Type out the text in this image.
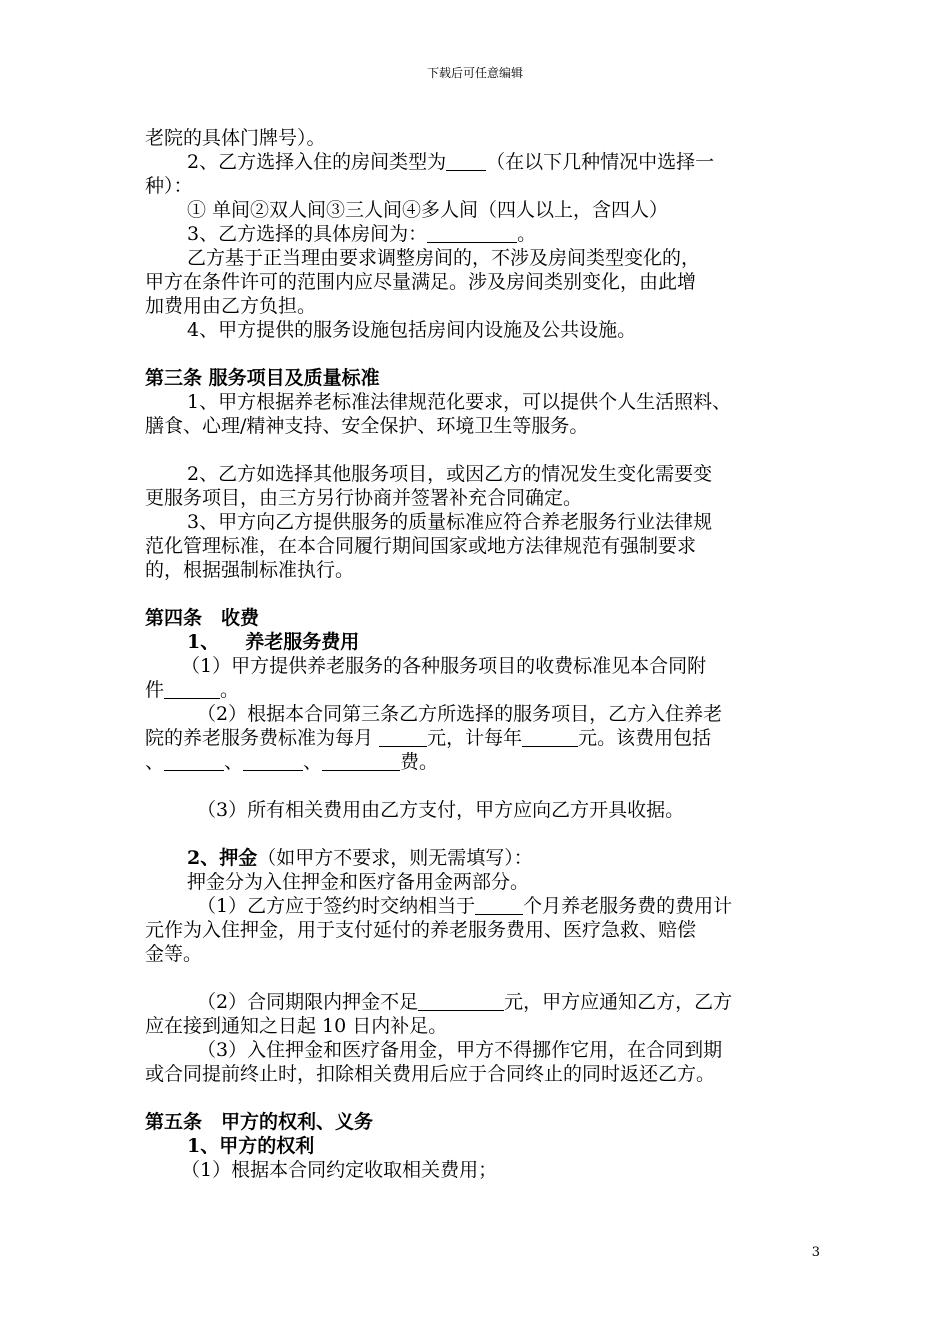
下载后可任意编辑

老院的具体门牌号）。

2、乙方选择入住的房间类型为 （在以下几种情况中选择一

种）：

① 单间②双人间③三人间④多人间（四人以上，含四人）

3、乙方选择的具体房间为：	。

乙方基于正当理由要求调整房间的，不涉及房间类型变化的，

甲方在条件许可的范围内应尽量满足。涉及房间类别变化，由此增

加费用由乙方负担。

4、甲方提供的服务设施包括房间内设施及公共设施。

第三条 服务项目及质量标准

1、甲方根据养老标准法律规范化要求，可以提供个人生活照料、

膳食、心理/精神支持、安全保护、环境卫生等服务。

2、乙方如选择其他服务项目，或因乙方的情况发生变化需要变

更服务项目，由三方另行协商并签署补充合同确定。

3、甲方向乙方提供服务的质量标准应符合养老服务行业法律规

范化管理标准，在本合同履行期间国家或地方法律规范有强制要求

的，根据强制标准执行。

第四条　收费

1、 养老服务费用

（1）甲方提供养老服务的各种服务项目的收费标准见本合同附

件	。

（2）根据本合同第三条乙方所选择的服务项目，乙方入住养老

院的养老服务费标准为每月	元，计每年	元。该费用包括

、	、	、	费。

（3）所有相关费用由乙方支付，甲方应向乙方开具收据。

2、押金（如甲方不要求，则无需填写）：

押金分为入住押金和医疗备用金两部分。

（1）乙方应于签约时交纳相当于	个月养老服务费的费用计

元作为入住押金，用于支付延付的养老服务费用、医疗急救、赔偿

金等。

（2）合同期限内押金不足	元，甲方应通知乙方，乙方

应在接到通知之日起 10 日内补足。

（3）入住押金和医疗备用金，甲方不得挪作它用，在合同到期

或合同提前终止时，扣除相关费用后应于合同终止的同时返还乙方。

第五条　甲方的权利、义务

1、甲方的权利

（1）根据本合同约定收取相关费用；

3
